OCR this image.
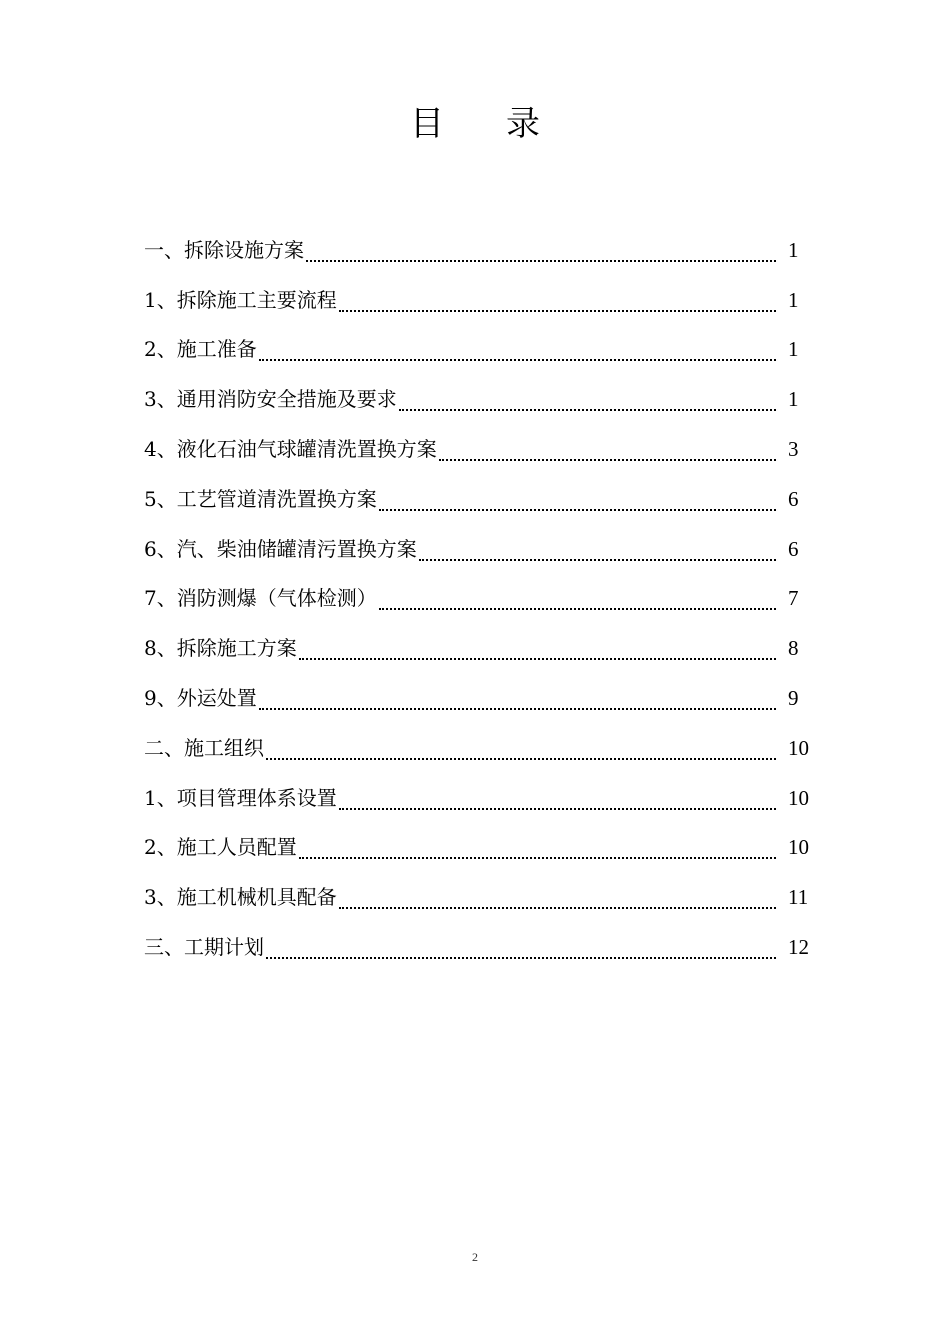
目录
一、拆除设施方案	1
1、拆除施工主要流程	1
2、施工准备	1
3、通用消防安全措施及要求	1
4、液化石油气球罐清洗置换方案	3
5、工艺管道清洗置换方案	6
6、汽、柴油储罐清污置换方案	6
7、消防测爆（气体检测）	7
8、拆除施工方案	8
9、外运处置	9
二、施工组织	10
1、项目管理体系设置	10
2、施工人员配置	10
3、施工机械机具配备	11
三、工期计划	12
2
